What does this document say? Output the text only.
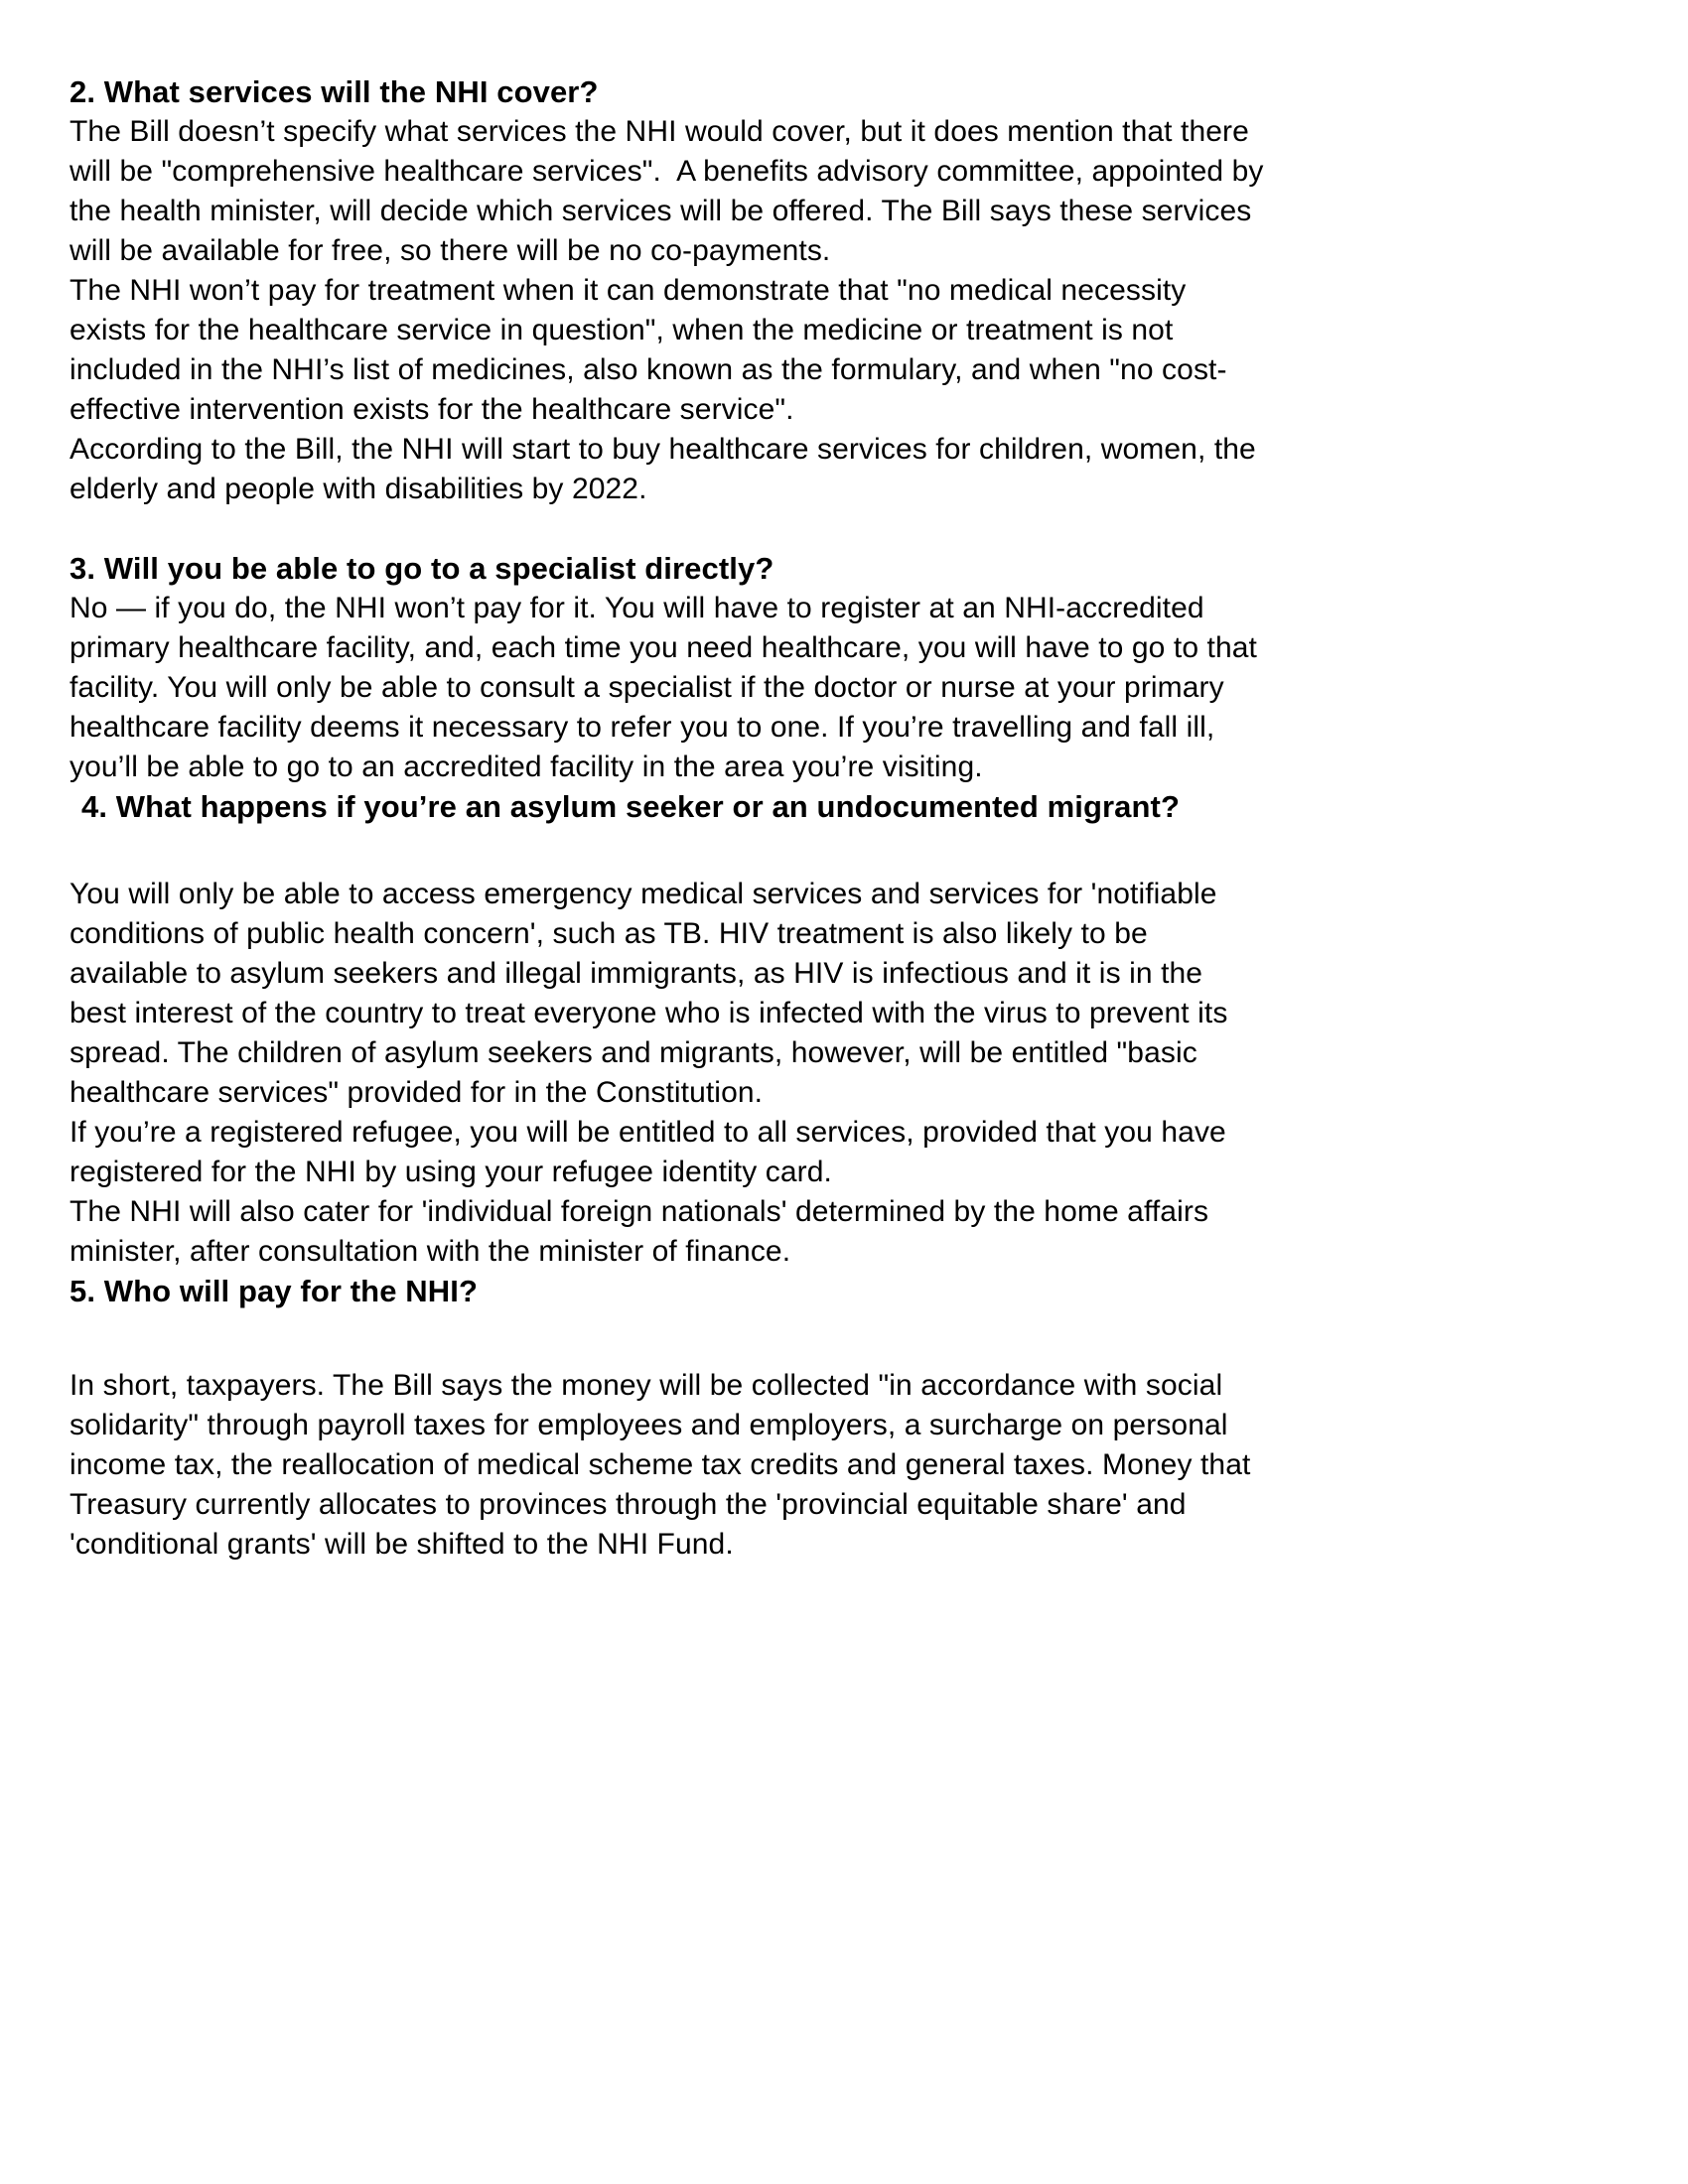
2. What services will the NHI cover?
The Bill doesn’t specify what services the NHI would cover, but it does mention that there
will be "comprehensive healthcare services".  A benefits advisory committee, appointed by
the health minister, will decide which services will be offered. The Bill says these services
will be available for free, so there will be no co-payments.
The NHI won’t pay for treatment when it can demonstrate that "no medical necessity
exists for the healthcare service in question", when the medicine or treatment is not
included in the NHI’s list of medicines, also known as the formulary, and when "no cost-
effective intervention exists for the healthcare service".
According to the Bill, the NHI will start to buy healthcare services for children, women, the
elderly and people with disabilities by 2022.
3. Will you be able to go to a specialist directly?
No — if you do, the NHI won’t pay for it. You will have to register at an NHI-accredited
primary healthcare facility, and, each time you need healthcare, you will have to go to that
facility. You will only be able to consult a specialist if the doctor or nurse at your primary
healthcare facility deems it necessary to refer you to one. If you’re travelling and fall ill,
you’ll be able to go to an accredited facility in the area you’re visiting.
4. What happens if you’re an asylum seeker or an undocumented migrant?
You will only be able to access emergency medical services and services for 'notifiable
conditions of public health concern', such as TB. HIV treatment is also likely to be
available to asylum seekers and illegal immigrants, as HIV is infectious and it is in the
best interest of the country to treat everyone who is infected with the virus to prevent its
spread. The children of asylum seekers and migrants, however, will be entitled "basic
healthcare services" provided for in the Constitution.
If you’re a registered refugee, you will be entitled to all services, provided that you have
registered for the NHI by using your refugee identity card.
The NHI will also cater for 'individual foreign nationals' determined by the home affairs
minister, after consultation with the minister of finance.
5. Who will pay for the NHI?
In short, taxpayers. The Bill says the money will be collected "in accordance with social
solidarity" through payroll taxes for employees and employers, a surcharge on personal
income tax, the reallocation of medical scheme tax credits and general taxes. Money that
Treasury currently allocates to provinces through the 'provincial equitable share' and
'conditional grants' will be shifted to the NHI Fund.
